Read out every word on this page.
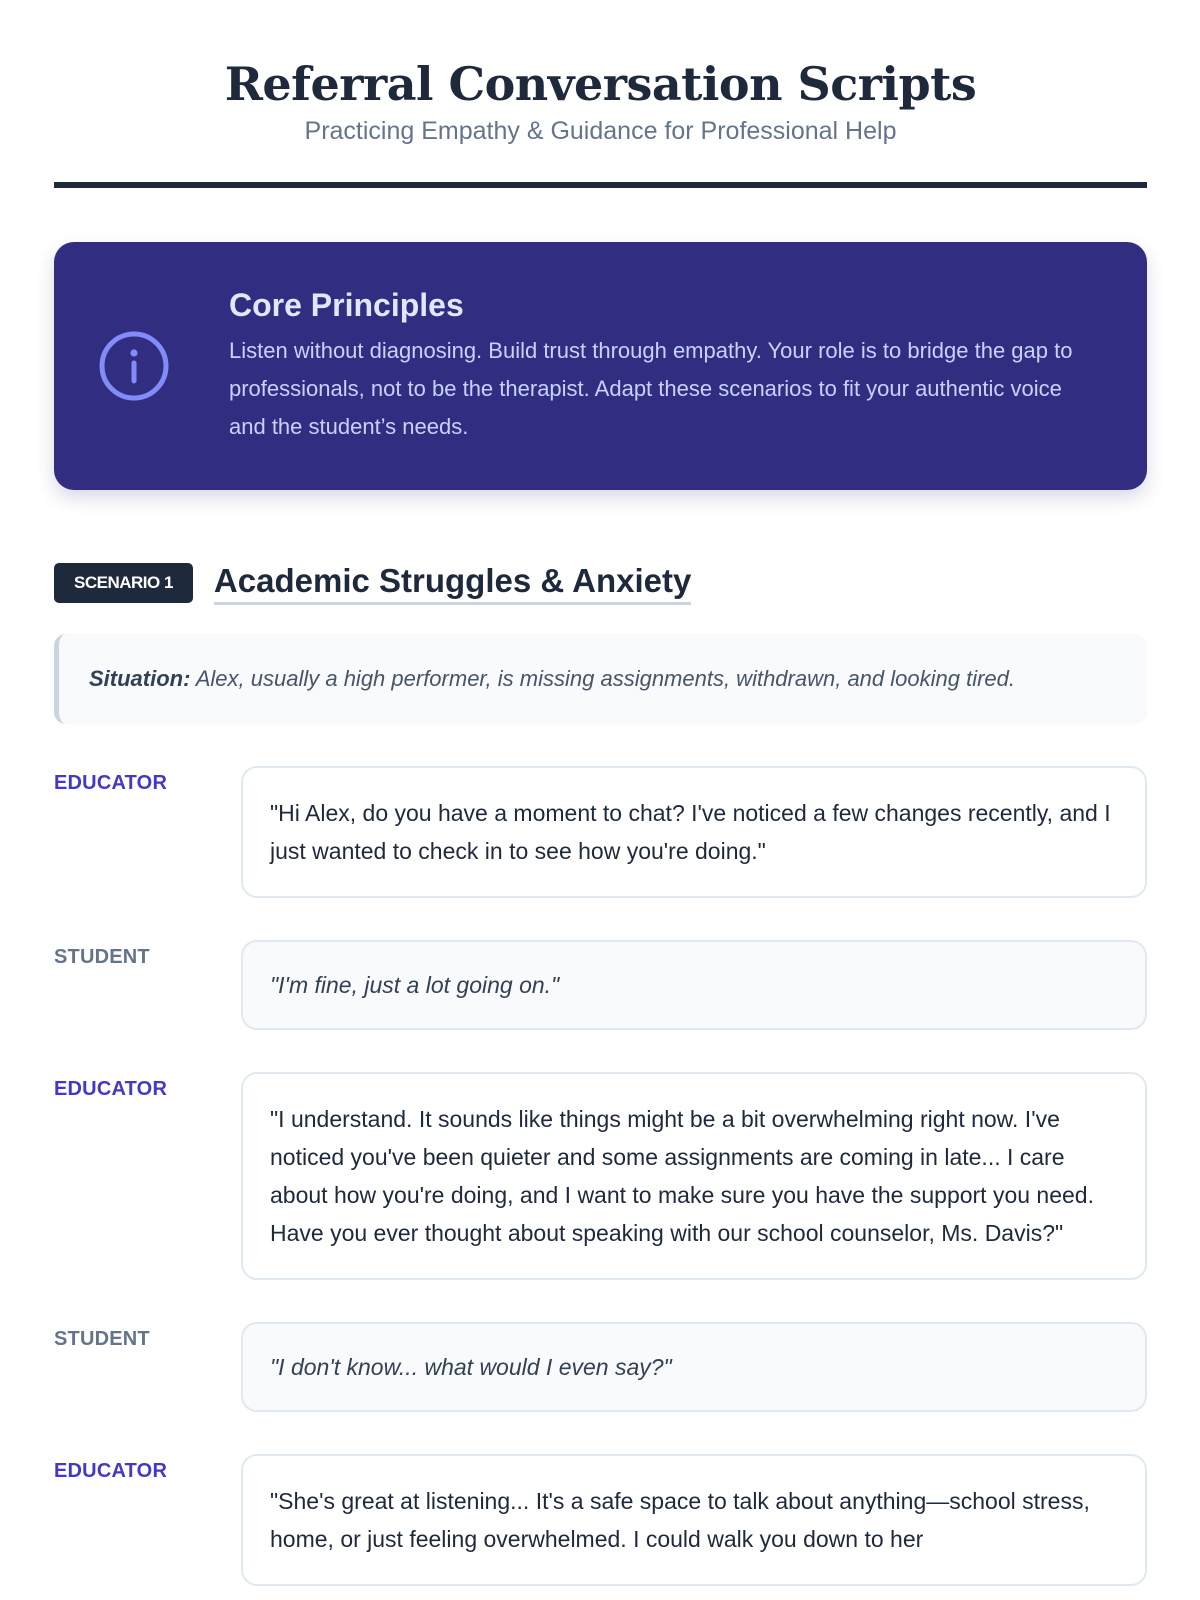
Referral Conversation Scripts
Practicing Empathy & Guidance for Professional Help
Core Principles
Listen without diagnosing. Build trust through empathy. Your role is to bridge the gap to professionals, not to be the therapist. Adapt these scenarios to fit your authentic voice and the student’s needs.
SCENARIO 1	Academic Struggles & Anxiety
Situation: Alex, usually a high performer, is missing assignments, withdrawn, and looking tired.
EDUCATOR
"Hi Alex, do you have a moment to chat? I've noticed a few changes recently, and I just wanted to check in to see how you're doing."
STUDENT
"I'm fine, just a lot going on."
EDUCATOR
"I understand. It sounds like things might be a bit overwhelming right now. I've noticed you've been quieter and some assignments are coming in late... I care about how you're doing, and I want to make sure you have the support you need. Have you ever thought about speaking with our school counselor, Ms. Davis?"
STUDENT
"I don't know... what would I even say?"
EDUCATOR
"She's great at listening... It's a safe space to talk about anything—school stress, home, or just feeling overwhelmed. I could walk you down to her
